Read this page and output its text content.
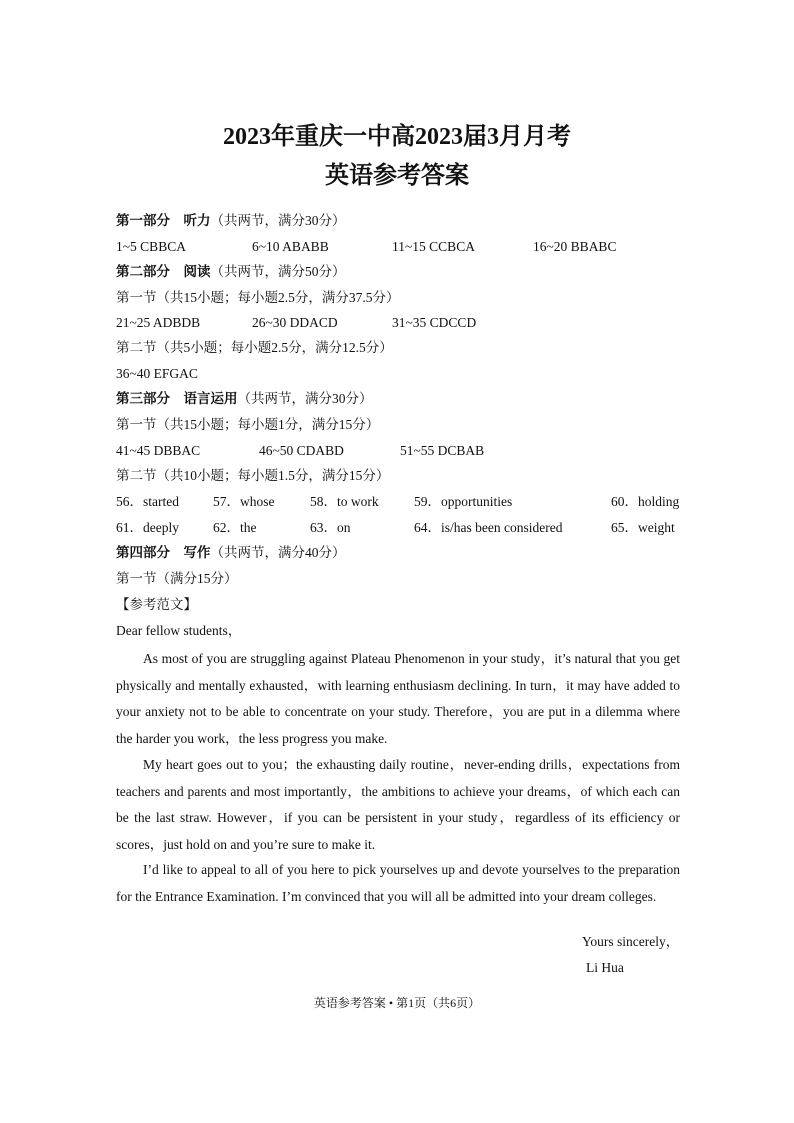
2023年重庆一中高2023届3月月考
英语参考答案
第一部分　听力（共两节，满分30分）
1~5 CBBCA	6~10 ABABB	11~15 CCBCA	16~20 BBABC
第二部分　阅读（共两节，满分50分）
第一节（共15小题；每小题2.5分，满分37.5分）
21~25 ADBDB	26~30 DDACD	31~35 CDCCD
第二节（共5小题；每小题2.5分，满分12.5分）
36~40 EFGAC
第三部分　语言运用（共两节，满分30分）
第一节（共15小题；每小题1分，满分15分）
41~45 DBBAC	46~50 CDABD	51~55 DCBAB
第二节（共10小题；每小题1.5分，满分15分）
56．started	57．whose	58．to work	59．opportunities	60．holding
61．deeply	62．the	63．on	64．is/has been considered	65．weight
第四部分　写作（共两节，满分40分）
第一节（满分15分）
【参考范文】
Dear fellow students，
As most of you are struggling against Plateau Phenomenon in your study，it’s natural that you get physically and mentally exhausted，with learning enthusiasm declining. In turn，it may have added to your anxiety not to be able to concentrate on your study. Therefore，you are put in a dilemma where the harder you work，the less progress you make.
My heart goes out to you；the exhausting daily routine，never-ending drills，expectations from teachers and parents and most importantly，the ambitions to achieve your dreams，of which each can be the last straw. However，if you can be persistent in your study，regardless of its efficiency or scores，just hold on and you’re sure to make it.
I’d like to appeal to all of you here to pick yourselves up and devote yourselves to the preparation for the Entrance Examination. I’m convinced that you will all be admitted into your dream colleges.
Yours sincerely，
Li Hua
英语参考答案 • 第1页（共6页）
